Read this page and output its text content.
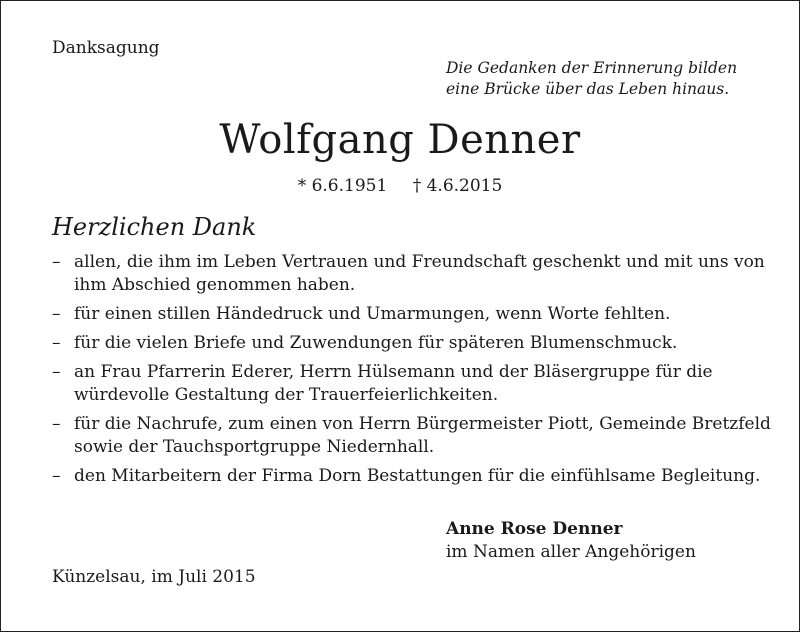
Danksagung
Die Gedanken der Erinnerung bilden
eine Brücke über das Leben hinaus.
Wolfgang Denner
* 6.6.1951 † 4.6.2015
Herzlichen Dank
– allen, die ihm im Leben Vertrauen und Freundschaft geschenkt und mit uns von ihm Abschied genommen haben.
– für einen stillen Händedruck und Umarmungen, wenn Worte fehlten.
– für die vielen Briefe und Zuwendungen für späteren Blumenschmuck.
– an Frau Pfarrerin Ederer, Herrn Hülsemann und der Bläsergruppe für die würdevolle Gestaltung der Trauerfeierlichkeiten.
– für die Nachrufe, zum einen von Herrn Bürgermeister Piott, Gemeinde Bretzfeld sowie der Tauchsportgruppe Niedernhall.
– den Mitarbeitern der Firma Dorn Bestattungen für die einfühlsame Begleitung.
Anne Rose Denner
im Namen aller Angehörigen
Künzelsau, im Juli 2015
